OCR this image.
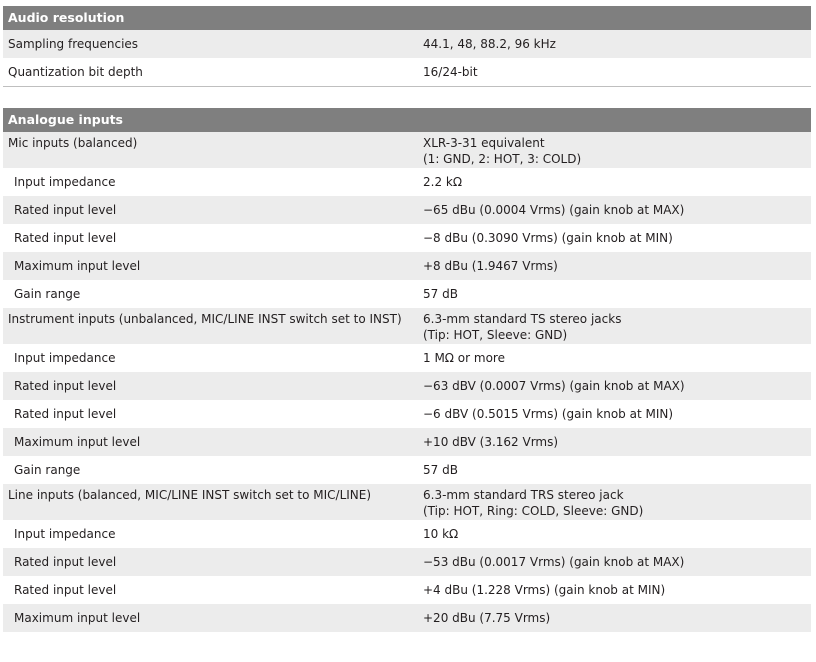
Audio resolution
Sampling frequencies	44.1, 48, 88.2, 96 kHz
Quantization bit depth	16/24-bit
Analogue inputs
Mic inputs (balanced)	XLR-3-31 equivalent
(1: GND, 2: HOT, 3: COLD)
Input impedance	2.2 kΩ
Rated input level	−65 dBu (0.0004 Vrms) (gain knob at MAX)
Rated input level	−8 dBu (0.3090 Vrms) (gain knob at MIN)
Maximum input level	+8 dBu (1.9467 Vrms)
Gain range	57 dB
Instrument inputs (unbalanced, MIC/LINE INST switch set to INST)	6.3-mm standard TS stereo jacks
(Tip: HOT, Sleeve: GND)
Input impedance	1 MΩ or more
Rated input level	−63 dBV (0.0007 Vrms) (gain knob at MAX)
Rated input level	−6 dBV (0.5015 Vrms) (gain knob at MIN)
Maximum input level	+10 dBV (3.162 Vrms)
Gain range	57 dB
Line inputs (balanced, MIC/LINE INST switch set to MIC/LINE)	6.3-mm standard TRS stereo jack
(Tip: HOT, Ring: COLD, Sleeve: GND)
Input impedance	10 kΩ
Rated input level	−53 dBu (0.0017 Vrms) (gain knob at MAX)
Rated input level	+4 dBu (1.228 Vrms) (gain knob at MIN)
Maximum input level	+20 dBu (7.75 Vrms)
